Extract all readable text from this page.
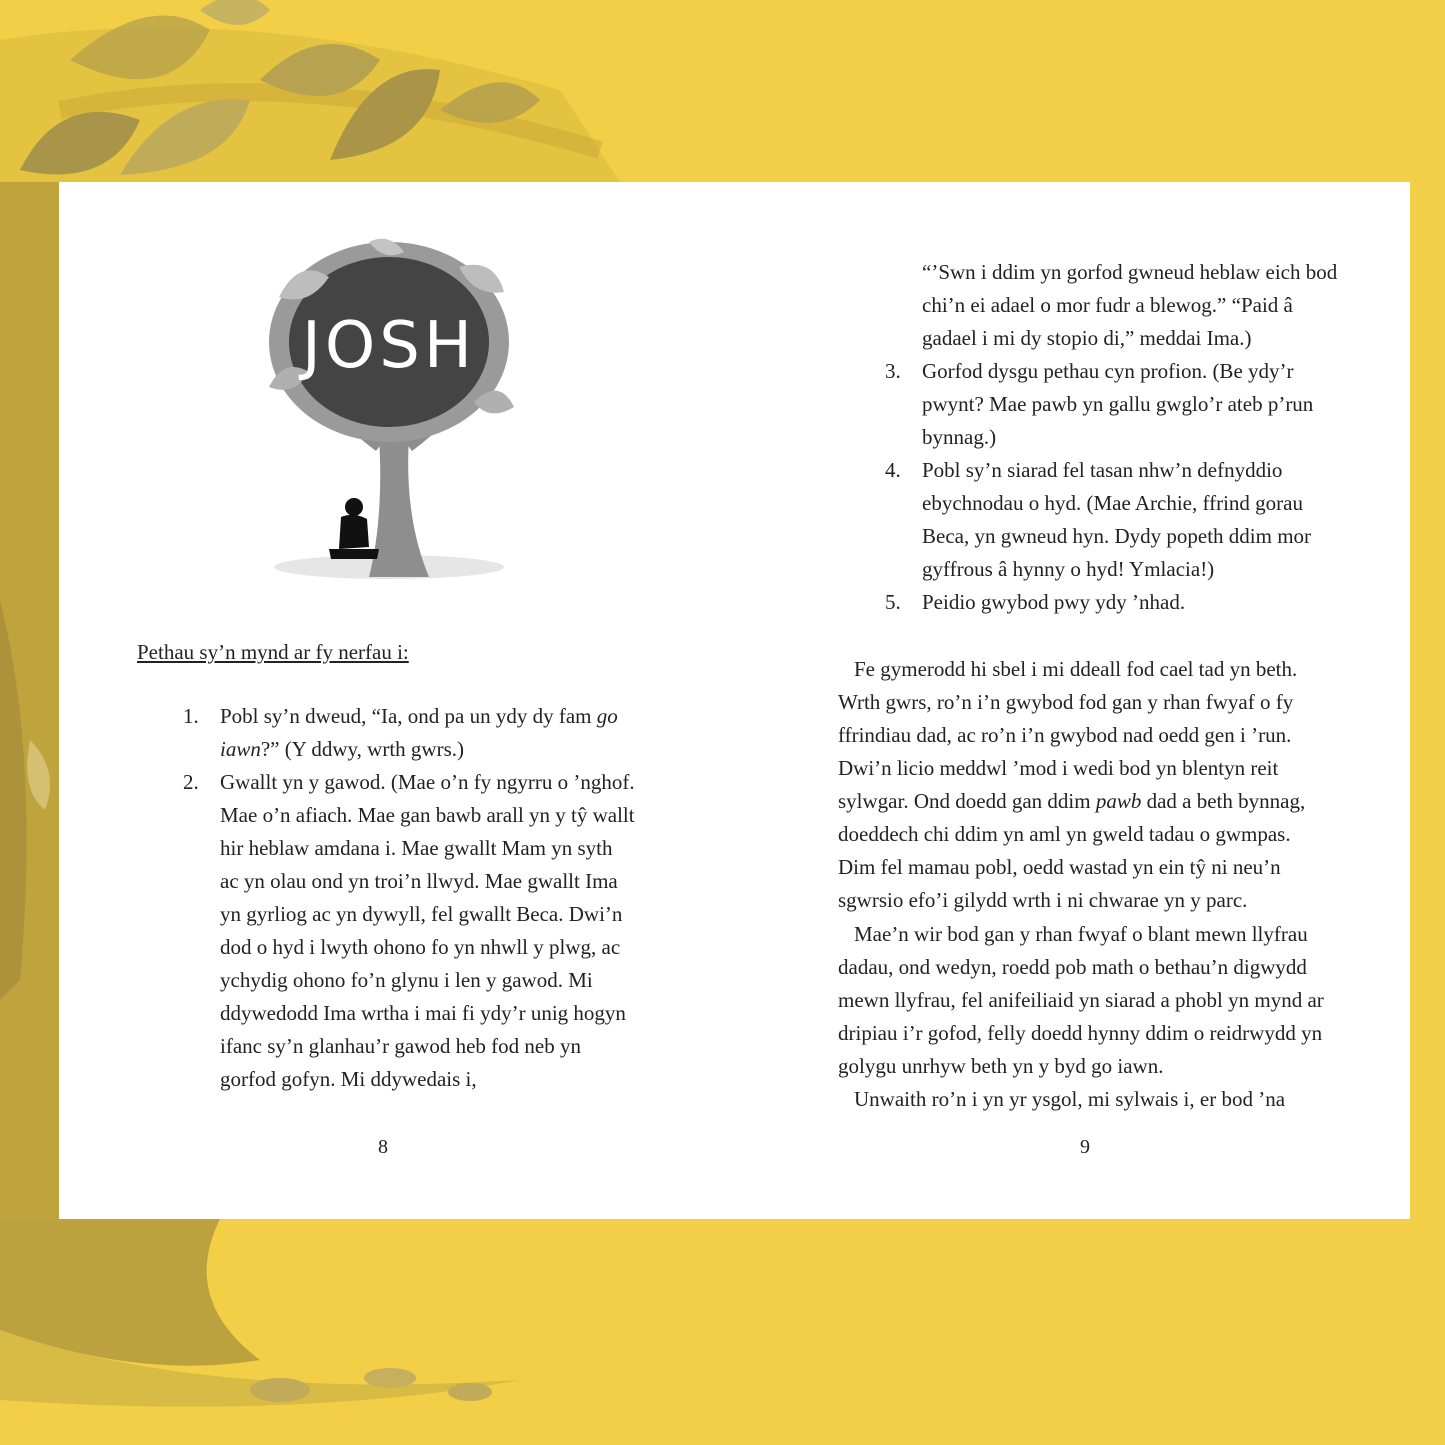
JOSH

Pethau sy’n mynd ar fy nerfau i:

1. Pobl sy’n dweud, “Ia, ond pa un ydy dy fam go iawn?” (Y ddwy, wrth gwrs.)
2. Gwallt yn y gawod. (Mae o’n fy ngyrru o ’nghof. Mae o’n afiach. Mae gan bawb arall yn y tŷ wallt hir heblaw amdana i. Mae gwallt Mam yn syth ac yn olau ond yn troi’n llwyd. Mae gwallt Ima yn gyrliog ac yn dywyll, fel gwallt Beca. Dwi’n dod o hyd i lwyth ohono fo yn nhwll y plwg, ac ychydig ohono fo’n glynu i len y gawod. Mi ddywedodd Ima wrtha i mai fi ydy’r unig hogyn ifanc sy’n glanhau’r gawod heb fod neb yn gorfod gofyn. Mi ddywedais i,
8
“’Swn i ddim yn gorfod gwneud heblaw eich bod chi’n ei adael o mor fudr a blewog.” “Paid â gadael i mi dy stopio di,” meddai Ima.)
3. Gorfod dysgu pethau cyn profion. (Be ydy’r pwynt? Mae pawb yn gallu gwglo’r ateb p’run bynnag.)
4. Pobl sy’n siarad fel tasan nhw’n defnyddio ebychnodau o hyd. (Mae Archie, ffrind gorau Beca, yn gwneud hyn. Dydy popeth ddim mor gyffrous â hynny o hyd! Ymlacia!)
5. Peidio gwybod pwy ydy ’nhad.

Fe gymerodd hi sbel i mi ddeall fod cael tad yn beth. Wrth gwrs, ro’n i’n gwybod fod gan y rhan fwyaf o fy ffrindiau dad, ac ro’n i’n gwybod nad oedd gen i ’run. Dwi’n licio meddwl ’mod i wedi bod yn blentyn reit sylwgar. Ond doedd gan ddim pawb dad a beth bynnag, doeddech chi ddim yn aml yn gweld tadau o gwmpas. Dim fel mamau pobl, oedd wastad yn ein tŷ ni neu’n sgwrsio efo’i gilydd wrth i ni chwarae yn y parc.

Mae’n wir bod gan y rhan fwyaf o blant mewn llyfrau dadau, ond wedyn, roedd pob math o bethau’n digwydd mewn llyfrau, fel anifeiliaid yn siarad a phobl yn mynd ar dripiau i’r gofod, felly doedd hynny ddim o reidrwydd yn golygu unrhyw beth yn y byd go iawn.

Unwaith ro’n i yn yr ysgol, mi sylwais i, er bod ’na

9
